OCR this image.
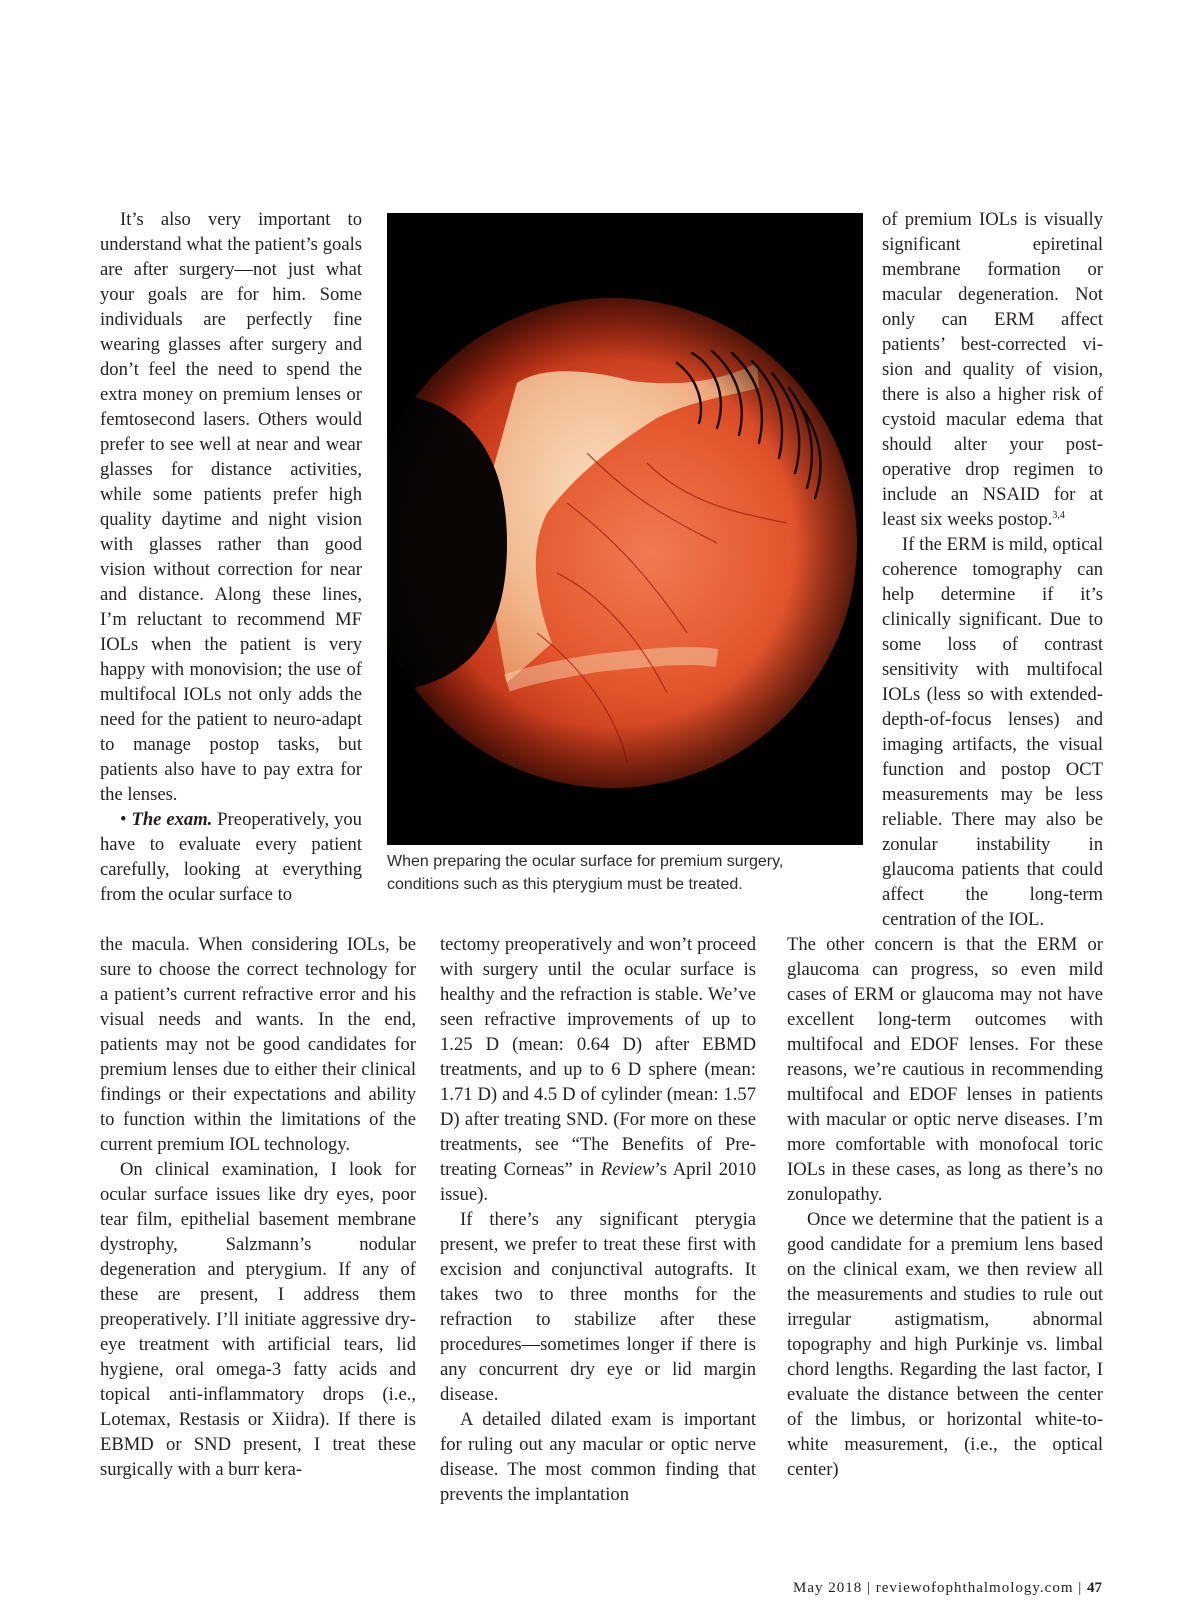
It’s also very important to understand what the patient’s goals are after surgery—not just what your goals are for him. Some individuals are perfectly fine wearing glasses after surgery and don’t feel the need to spend the extra money on premium lenses or femtosecond lasers. Others would prefer to see well at near and wear glasses for distance activities, while some patients prefer high quality daytime and night vision with glasses rather than good vision without correction for near and distance. Along these lines, I’m reluctant to recommend MF IOLs when the patient is very happy with monovision; the use of multifocal IOLs not only adds the need for the patient to neuro-adapt to manage postop tasks, but patients also have to pay extra for the lenses.

• The exam. Preoperatively, you have to evaluate every patient carefully, looking at everything from the ocular surface to

the macula. When considering IOLs, be sure to choose the correct technology for a patient’s current refractive error and his visual needs and wants. In the end, patients may not be good candidates for premium lenses due to either their clinical findings or their expectations and ability to function within the limitations of the current premium IOL technology.

On clinical examination, I look for ocular surface issues like dry eyes, poor tear film, epithelial basement membrane dystrophy, Salzmann’s nodular degeneration and pterygium. If any of these are present, I address them preoperatively. I’ll initiate aggressive dry-eye treatment with artificial tears, lid hygiene, oral omega-3 fatty acids and topical anti-inflammatory drops (i.e., Lotemax, Restasis or Xiidra). If there is EBMD or SND present, I treat these surgically with a burr kera-

When preparing the ocular surface for premium surgery, conditions such as this pterygium must be treated.

tectomy preoperatively and won’t proceed with surgery until the ocular surface is healthy and the refraction is stable. We’ve seen refractive improvements of up to 1.25 D (mean: 0.64 D) after EBMD treatments, and up to 6 D sphere (mean: 1.71 D) and 4.5 D of cylinder (mean: 1.57 D) after treating SND. (For more on these treatments, see “The Benefits of Pre-treating Corneas” in Review’s April 2010 issue).

If there’s any significant pterygia present, we prefer to treat these first with excision and conjunctival autografts. It takes two to three months for the refraction to stabilize after these procedures—sometimes longer if there is any concurrent dry eye or lid margin disease.

A detailed dilated exam is important for ruling out any macular or optic nerve disease. The most common finding that prevents the implantation

of premium IOLs is visually significant epiretinal membrane formation or macular degeneration. Not only can ERM affect patients’ best-corrected vision and quality of vision, there is also a higher risk of cystoid macular edema that should alter your postoperative drop regimen to include an NSAID for at least six weeks postop.$^{3,4}$

If the ERM is mild, optical coherence tomography can help determine if it’s clinically significant. Due to some loss of contrast sensitivity with multifocal IOLs (less so with extended-depth-of-focus lenses) and imaging artifacts, the visual function and postop OCT measurements may be less reliable. There may also be zonular instability in glaucoma patients that could affect the long-term centration of the IOL.

The other concern is that the ERM or glaucoma can progress, so even mild cases of ERM or glaucoma may not have excellent long-term outcomes with multifocal and EDOF lenses. For these reasons, we’re cautious in recommending multifocal and EDOF lenses in patients with macular or optic nerve diseases. I’m more comfortable with monofocal toric IOLs in these cases, as long as there’s no zonulopathy.

Once we determine that the patient is a good candidate for a premium lens based on the clinical exam, we then review all the measurements and studies to rule out irregular astigmatism, abnormal topography and high Purkinje vs. limbal chord lengths. Regarding the last factor, I evaluate the distance between the center of the limbus, or horizontal white-to-white measurement, (i.e., the optical center)

May 2018 | reviewofophthalmology.com | 47
